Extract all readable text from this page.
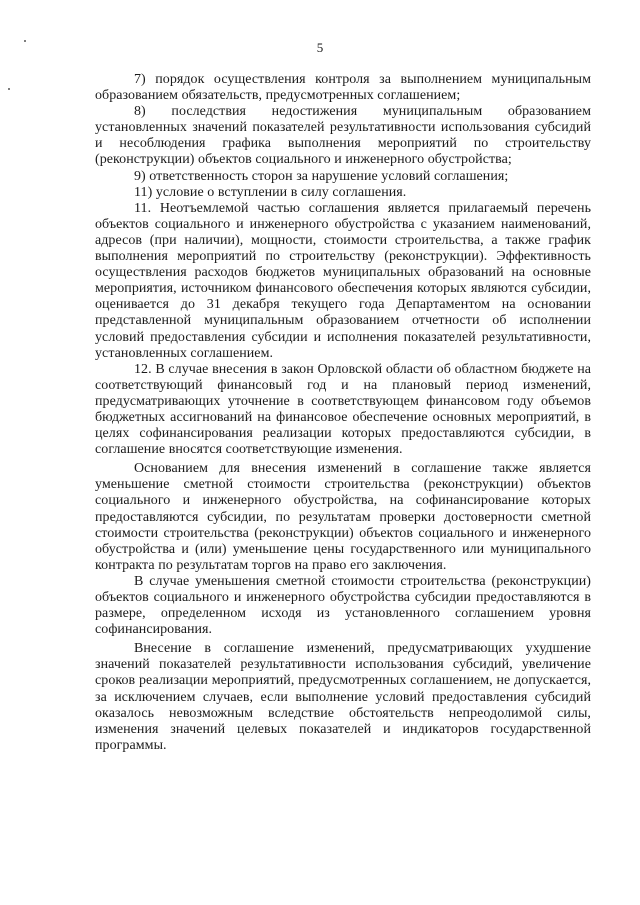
5

7) порядок осуществления контроля за выполнением муниципальным образованием обязательств, предусмотренных соглашением;

8) последствия недостижения муниципальным образованием установленных значений показателей результативности использования субсидий и несоблюдения графика выполнения мероприятий по строительству (реконструкции) объектов социального и инженерного обустройства;

9) ответственность сторон за нарушение условий соглашения;

11) условие о вступлении в силу соглашения.

11. Неотъемлемой частью соглашения является прилагаемый перечень объектов социального и инженерного обустройства с указанием наименований, адресов (при наличии), мощности, стоимости строительства, а также график выполнения мероприятий по строительству (реконструкции). Эффективность осуществления расходов бюджетов муниципальных образований на основные мероприятия, источником финансового обеспечения которых являются субсидии, оценивается до 31 декабря текущего года Департаментом на основании представленной муниципальным образованием отчетности об исполнении условий предоставления субсидии и исполнения показателей результативности, установленных соглашением.

12. В случае внесения в закон Орловской области об областном бюджете на соответствующий финансовый год и на плановый период изменений, предусматривающих уточнение в соответствующем финансовом году объемов бюджетных ассигнований на финансовое обеспечение основных мероприятий, в целях софинансирования реализации которых предоставляются субсидии, в соглашение вносятся соответствующие изменения.

Основанием для внесения изменений в соглашение также является уменьшение сметной стоимости строительства (реконструкции) объектов социального и инженерного обустройства, на софинансирование которых предоставляются субсидии, по результатам проверки достоверности сметной стоимости строительства (реконструкции) объектов социального и инженерного обустройства и (или) уменьшение цены государственного или муниципального контракта по результатам торгов на право его заключения.

В случае уменьшения сметной стоимости строительства (реконструкции) объектов социального и инженерного обустройства субсидии предоставляются в размере, определенном исходя из установленного соглашением уровня софинансирования.

Внесение в соглашение изменений, предусматривающих ухудшение значений показателей результативности использования субсидий, увеличение сроков реализации мероприятий, предусмотренных соглашением, не допускается, за исключением случаев, если выполнение условий предоставления субсидий оказалось невозможным вследствие обстоятельств непреодолимой силы, изменения значений целевых показателей и индикаторов государственной программы.
